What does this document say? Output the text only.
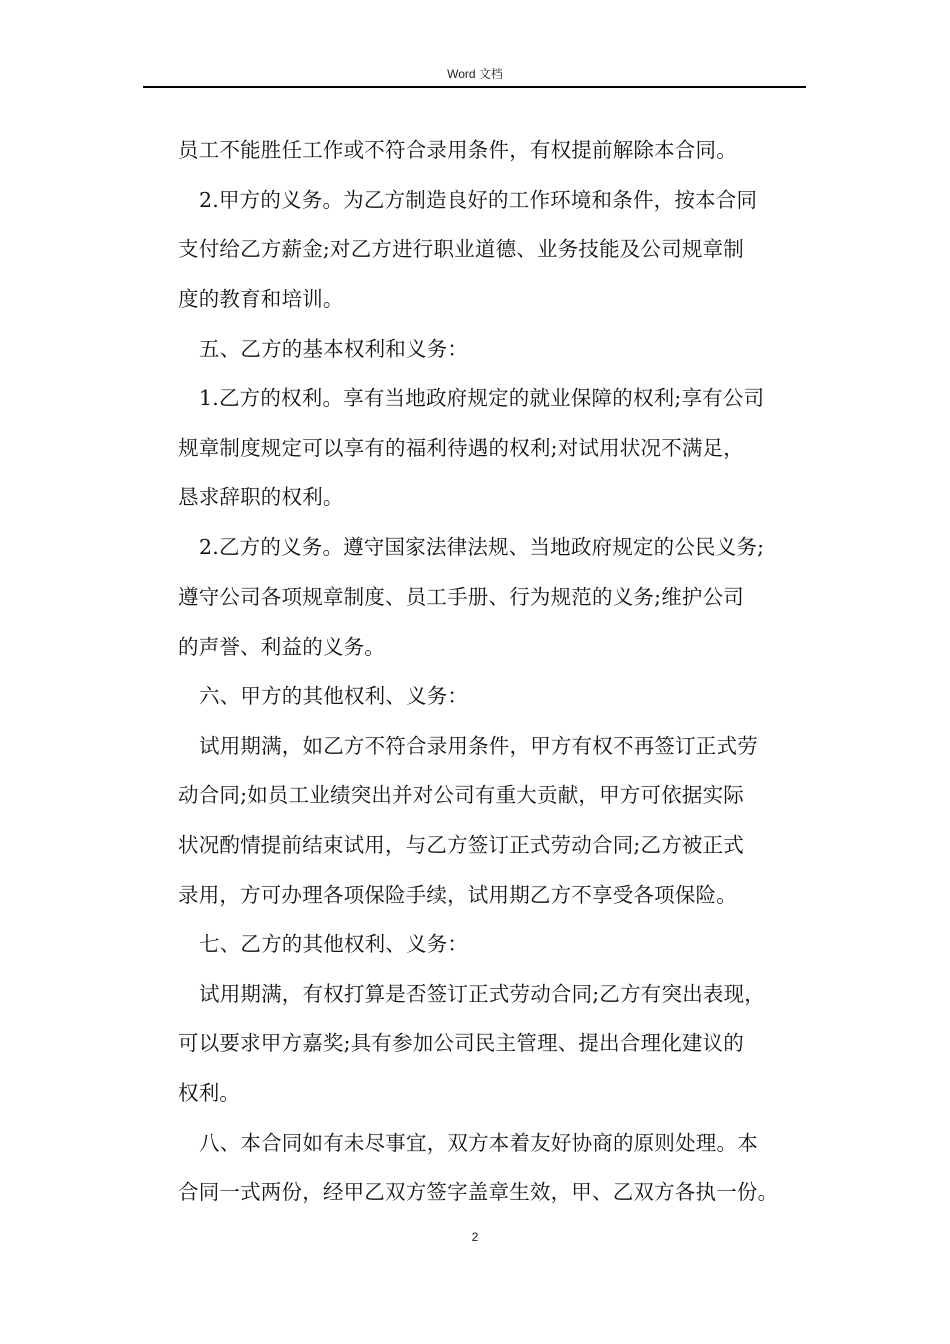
Word 文档
员工不能胜任工作或不符合录用条件，有权提前解除本合同。
2.甲方的义务。为乙方制造良好的工作环境和条件，按本合同
支付给乙方薪金;对乙方进行职业道德、业务技能及公司规章制
度的教育和培训。
五、乙方的基本权利和义务：
1.乙方的权利。享有当地政府规定的就业保障的权利;享有公司
规章制度规定可以享有的福利待遇的权利;对试用状况不满足，
恳求辞职的权利。
2.乙方的义务。遵守国家法律法规、当地政府规定的公民义务;
遵守公司各项规章制度、员工手册、行为规范的义务;维护公司
的声誉、利益的义务。
六、甲方的其他权利、义务：
试用期满，如乙方不符合录用条件，甲方有权不再签订正式劳
动合同;如员工业绩突出并对公司有重大贡献，甲方可依据实际
状况酌情提前结束试用，与乙方签订正式劳动合同;乙方被正式
录用，方可办理各项保险手续，试用期乙方不享受各项保险。
七、乙方的其他权利、义务：
试用期满，有权打算是否签订正式劳动合同;乙方有突出表现，
可以要求甲方嘉奖;具有参加公司民主管理、提出合理化建议的
权利。
八、本合同如有未尽事宜，双方本着友好协商的原则处理。本
合同一式两份，经甲乙双方签字盖章生效，甲、乙双方各执一份。
2
